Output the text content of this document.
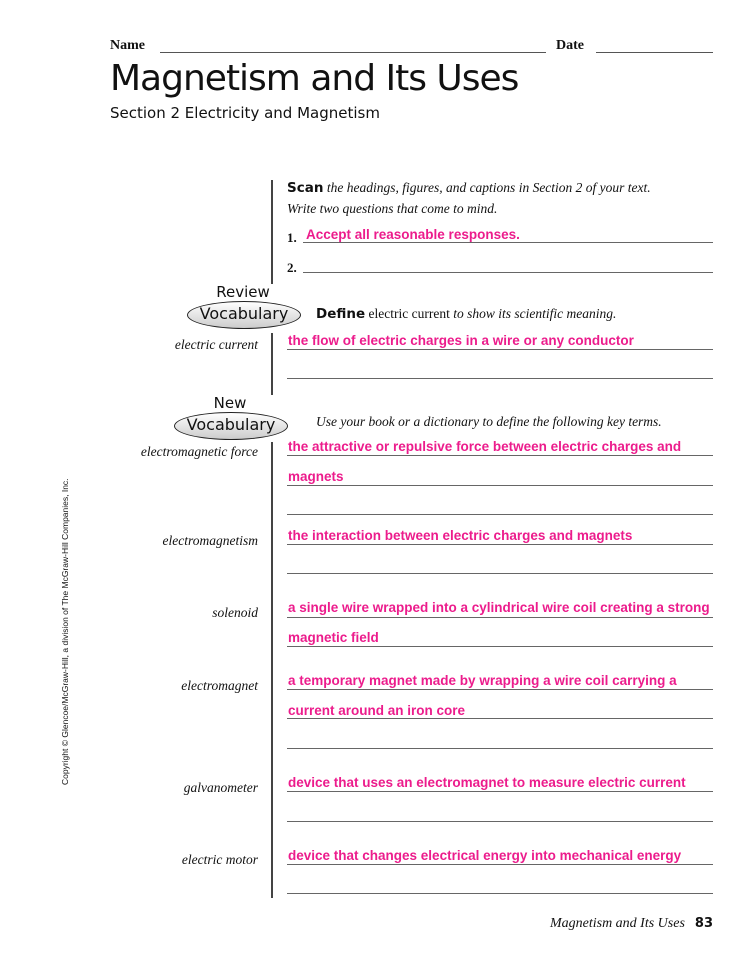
Name	Date
Magnetism and Its Uses
Section 2 Electricity and Magnetism
Scan the headings, figures, and captions in Section 2 of your text.
Write two questions that come to mind.
1. Accept all reasonable responses.
2.
Review
Vocabulary	Define electric current to show its scientific meaning.
electric current the flow of electric charges in a wire or any conductor
New
Vocabulary	Use your book or a dictionary to define the following key terms.
electromagnetic force the attractive or repulsive force between electric charges and
magnets
electromagnetism the interaction between electric charges and magnets
solenoid a single wire wrapped into a cylindrical wire coil creating a strong
magnetic field
electromagnet a temporary magnet made by wrapping a wire coil carrying a
current around an iron core
galvanometer device that uses an electromagnet to measure electric current
electric motor device that changes electrical energy into mechanical energy
Copyright © Glencoe/McGraw-Hill, a division of The McGraw-Hill Companies, Inc.
Magnetism and Its Uses 83
